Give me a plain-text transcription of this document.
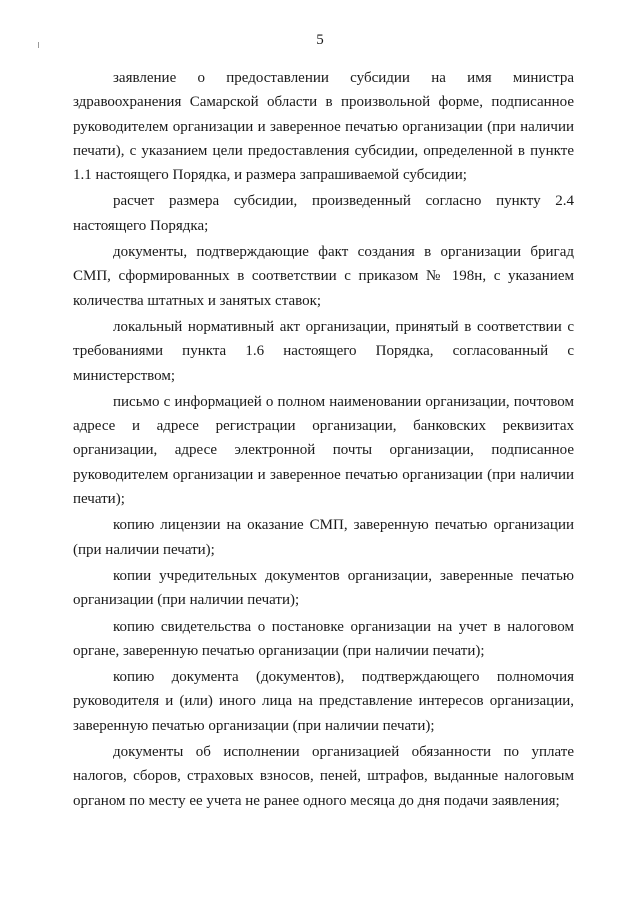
5

заявление о предоставлении субсидии на имя министра здравоохранения Самарской области в произвольной форме, подписанное руководителем организации и заверенное печатью организации (при наличии печати), с указанием цели предоставления субсидии, определенной в пункте 1.1 настоящего Порядка, и размера запрашиваемой субсидии;

расчет размера субсидии, произведенный согласно пункту 2.4 настоящего Порядка;

документы, подтверждающие факт создания в организации бригад СМП, сформированных в соответствии с приказом № 198н, с указанием количества штатных и занятых ставок;

локальный нормативный акт организации, принятый в соответствии с требованиями пункта 1.6 настоящего Порядка, согласованный с министерством;

письмо с информацией о полном наименовании организации, почтовом адресе и адресе регистрации организации, банковских реквизитах организации, адресе электронной почты организации, подписанное руководителем организации и заверенное печатью организации (при наличии печати);

копию лицензии на оказание СМП, заверенную печатью организации (при наличии печати);

копии учредительных документов организации, заверенные печатью организации (при наличии печати);

копию свидетельства о постановке организации на учет в налоговом органе, заверенную печатью организации (при наличии печати);

копию документа (документов), подтверждающего полномочия руководителя и (или) иного лица на представление интересов организации, заверенную печатью организации (при наличии печати);

документы об исполнении организацией обязанности по уплате налогов, сборов, страховых взносов, пеней, штрафов, выданные налоговым органом по месту ее учета не ранее одного месяца до дня подачи заявления;
